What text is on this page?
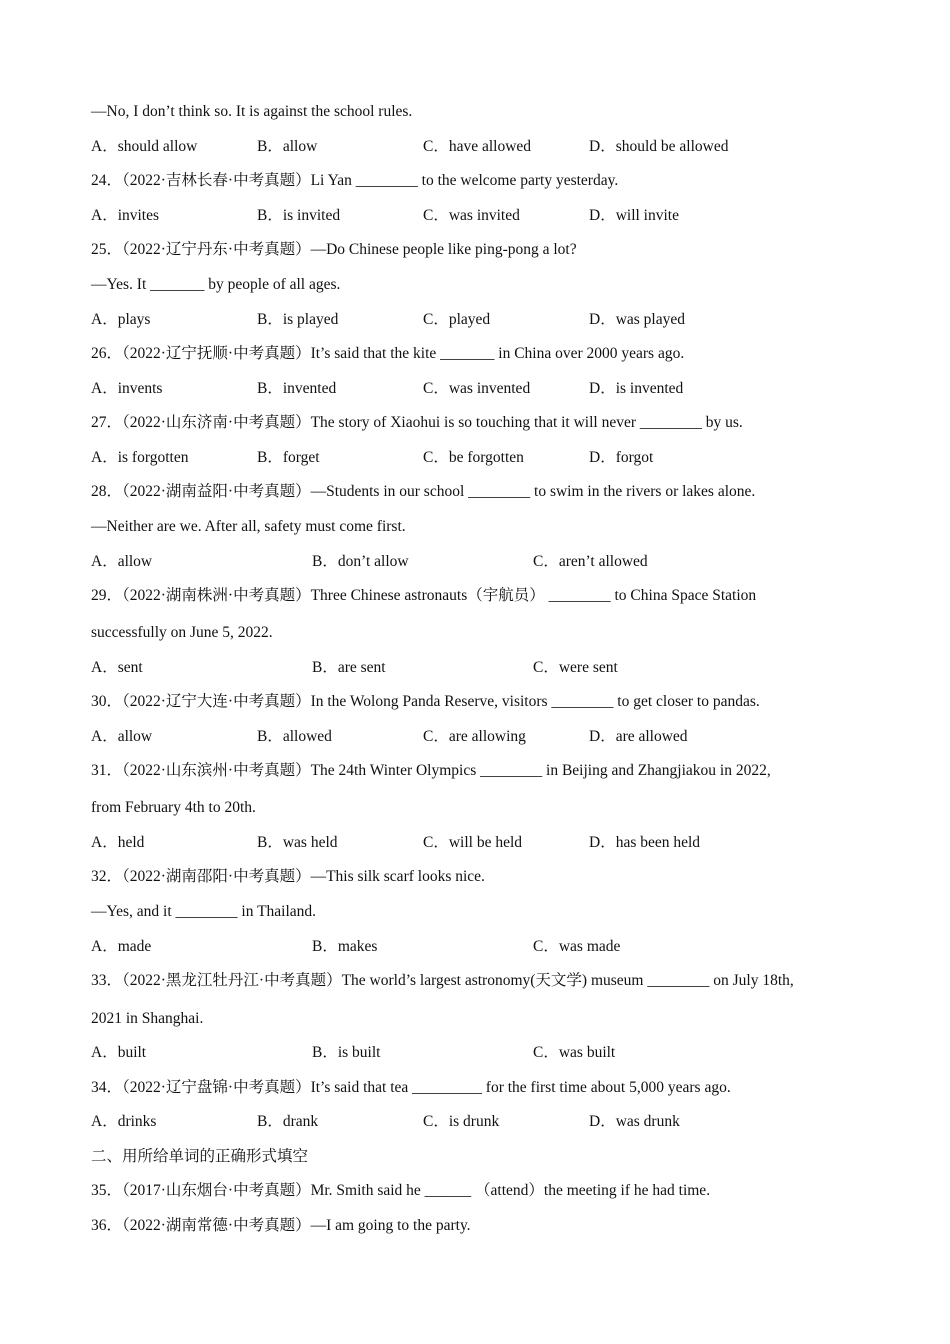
—No, I don’t think so. It is against the school rules.
A．should allow	B．allow	C．have allowed	D．should be allowed
24．（2022·吉林长春·中考真题）Li Yan ________ to the welcome party yesterday.
A．invites	B．is invited	C．was invited	D．will invite
25．（2022·辽宁丹东·中考真题）—Do Chinese people like ping-pong a lot?
—Yes. It _______ by people of all ages.
A．plays	B．is played	C．played	D．was played
26．（2022·辽宁抚顺·中考真题）It’s said that the kite _______ in China over 2000 years ago.
A．invents	B．invented	C．was invented	D．is invented
27．（2022·山东济南·中考真题）The story of Xiaohui is so touching that it will never ________ by us.
A．is forgotten	B．forget	C．be forgotten	D．forgot
28．（2022·湖南益阳·中考真题）—Students in our school ________ to swim in the rivers or lakes alone.
—Neither are we. After all, safety must come first.
A．allow	B．don’t allow	C．aren’t allowed
29．（2022·湖南株洲·中考真题）Three Chinese astronauts（宇航员） ________ to China Space Station
successfully on June 5, 2022.
A．sent	B．are sent	C．were sent
30．（2022·辽宁大连·中考真题）In the Wolong Panda Reserve, visitors ________ to get closer to pandas.
A．allow	B．allowed	C．are allowing	D．are allowed
31．（2022·山东滨州·中考真题）The 24th Winter Olympics ________ in Beijing and Zhangjiakou in 2022,
from February 4th to 20th.
A．held	B．was held	C．will be held	D．has been held
32．（2022·湖南邵阳·中考真题）—This silk scarf looks nice.
—Yes, and it ________ in Thailand.
A．made	B．makes	C．was made
33．（2022·黑龙江牡丹江·中考真题）The world’s largest astronomy(天文学) museum ________ on July 18th,
2021 in Shanghai.
A．built	B．is built	C．was built
34．（2022·辽宁盘锦·中考真题）It’s said that tea _________ for the first time about 5,000 years ago.
A．drinks	B．drank	C．is drunk	D．was drunk
二、用所给单词的正确形式填空
35．（2017·山东烟台·中考真题）Mr. Smith said he ______ （attend）the meeting if he had time.
36．（2022·湖南常德·中考真题）—I am going to the party.
